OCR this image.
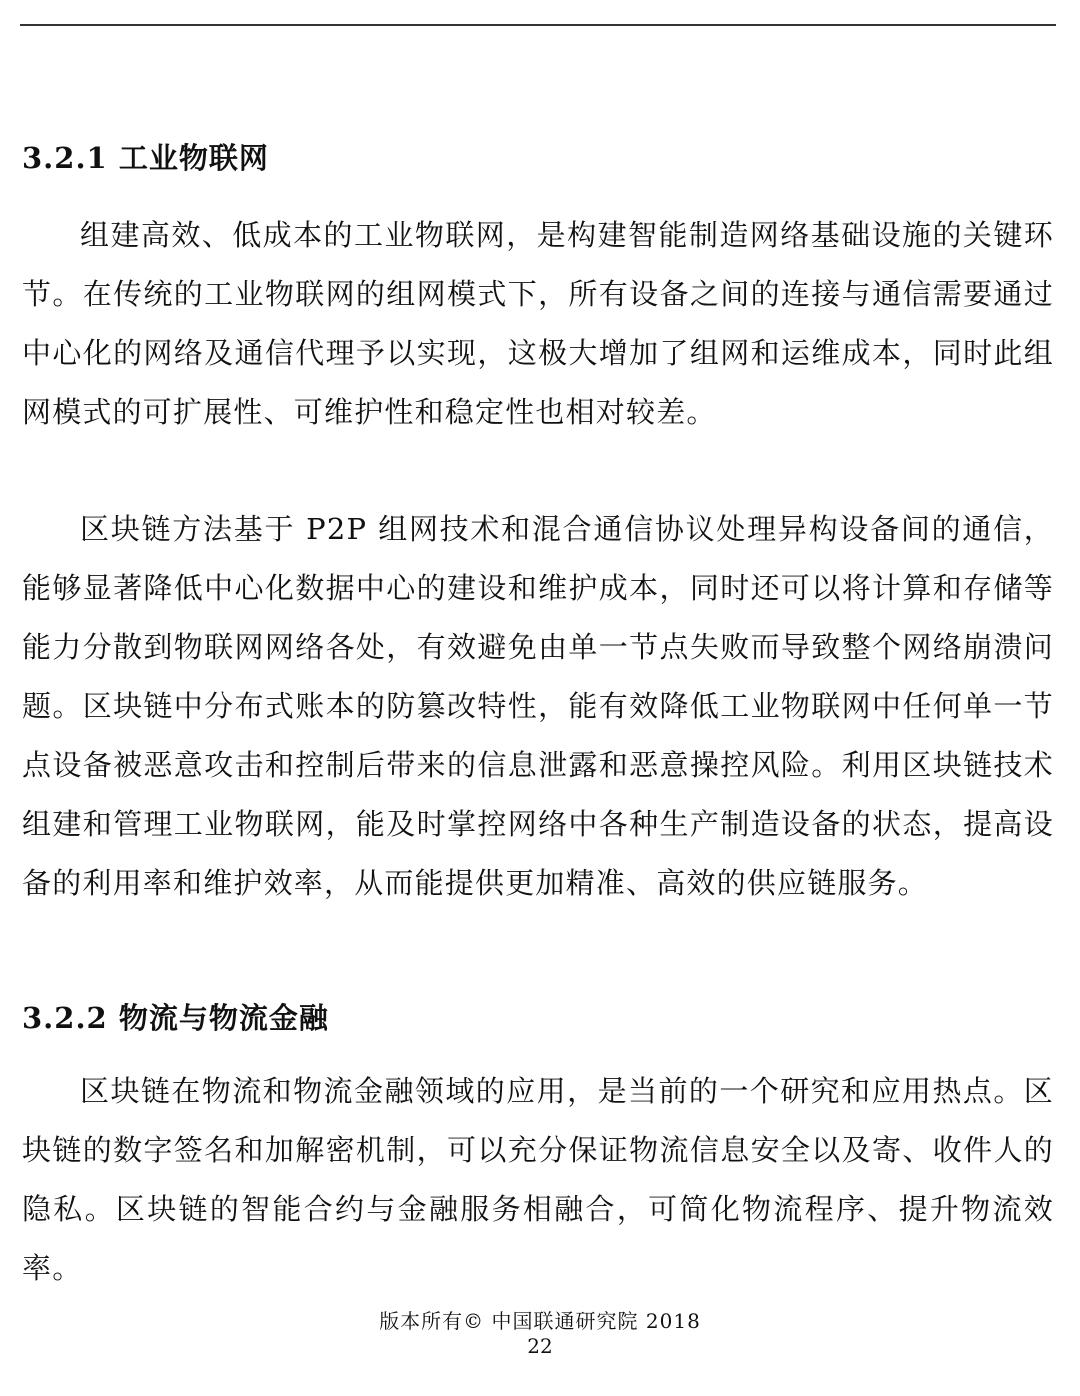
3.2.1 工业物联网

组建高效、低成本的工业物联网，是构建智能制造网络基础设施的关键环节。在传统的工业物联网的组网模式下，所有设备之间的连接与通信需要通过中心化的网络及通信代理予以实现，这极大增加了组网和运维成本，同时此组网模式的可扩展性、可维护性和稳定性也相对较差。

区块链方法基于 P2P 组网技术和混合通信协议处理异构设备间的通信，能够显著降低中心化数据中心的建设和维护成本，同时还可以将计算和存储等能力分散到物联网网络各处，有效避免由单一节点失败而导致整个网络崩溃问题。区块链中分布式账本的防篡改特性，能有效降低工业物联网中任何单一节点设备被恶意攻击和控制后带来的信息泄露和恶意操控风险。利用区块链技术组建和管理工业物联网，能及时掌控网络中各种生产制造设备的状态，提高设备的利用率和维护效率，从而能提供更加精准、高效的供应链服务。

3.2.2 物流与物流金融

区块链在物流和物流金融领域的应用，是当前的一个研究和应用热点。区块链的数字签名和加解密机制，可以充分保证物流信息安全以及寄、收件人的隐私。区块链的智能合约与金融服务相融合，可简化物流程序、提升物流效率。

版本所有© 中国联通研究院 2018
22
